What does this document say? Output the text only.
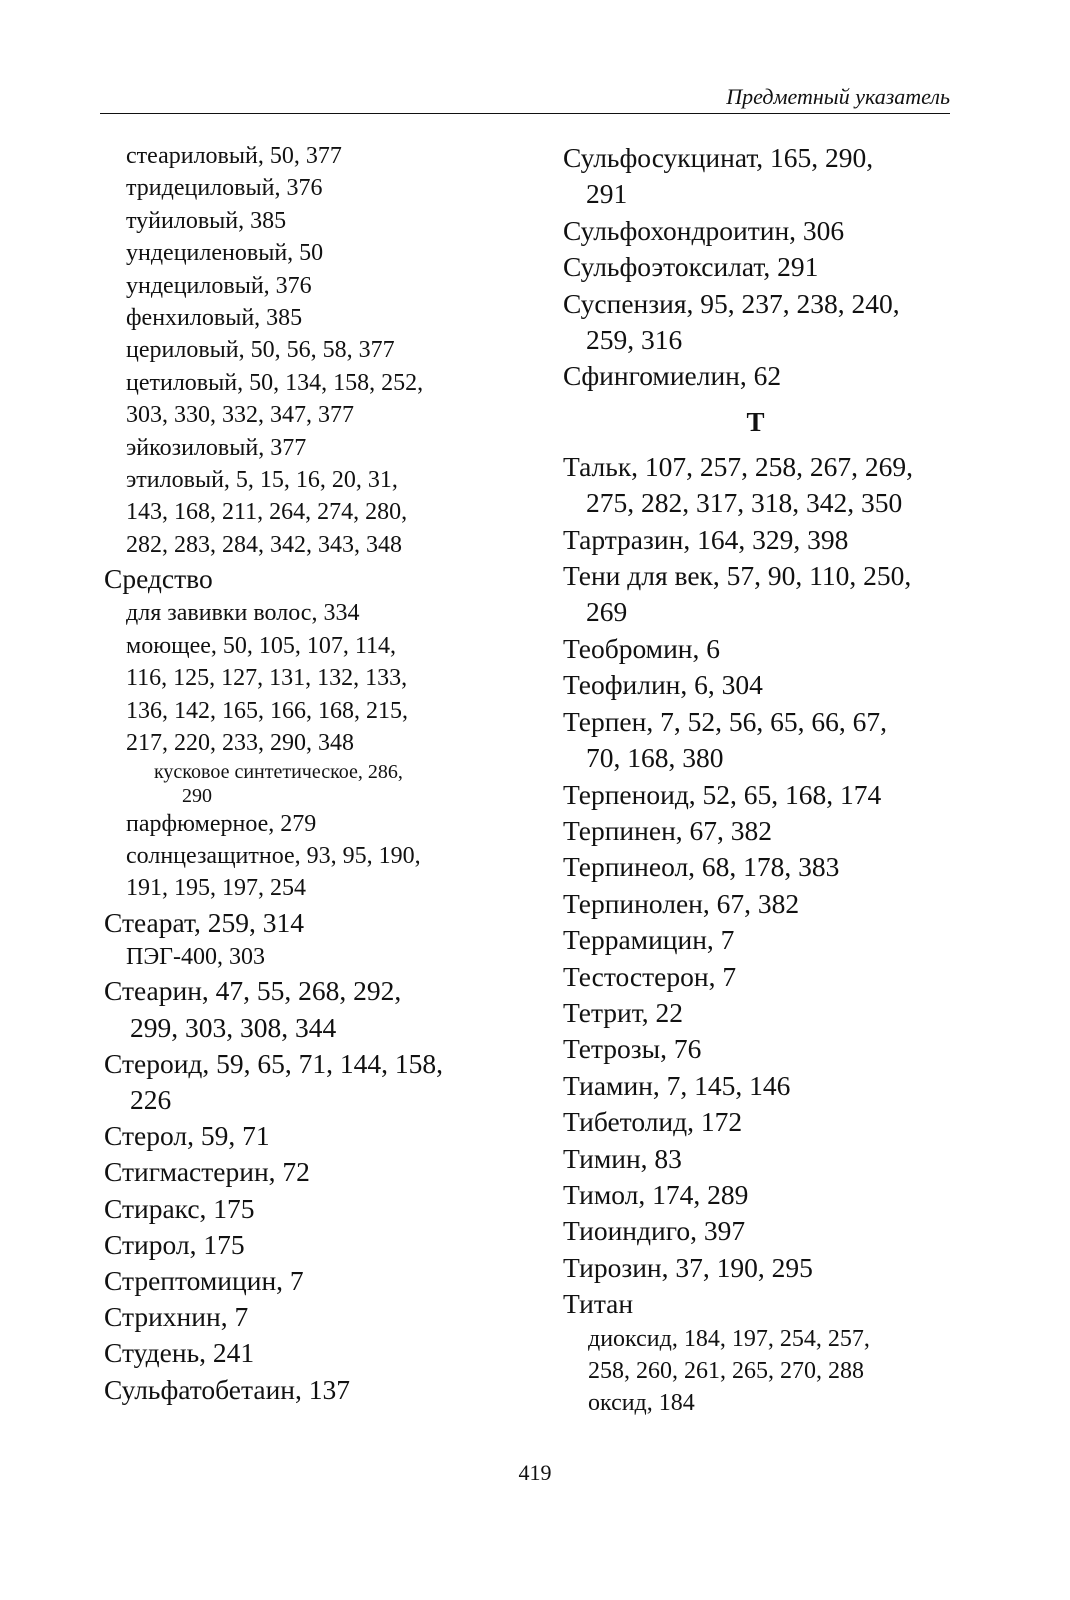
Предметный указатель
стеариловый, 50, 377
тридециловый, 376
туйиловый, 385
ундециленовый, 50
ундециловый, 376
фенхиловый, 385
цериловый, 50, 56, 58, 377
цетиловый, 50, 134, 158, 252,
303, 330, 332, 347, 377
эйкозиловый, 377
этиловый, 5, 15, 16, 20, 31,
143, 168, 211, 264, 274, 280,
282, 283, 284, 342, 343, 348
Средство
для завивки волос, 334
моющее, 50, 105, 107, 114,
116, 125, 127, 131, 132, 133,
136, 142, 165, 166, 168, 215,
217, 220, 233, 290, 348
кусковое синтетическое, 286,
290
парфюмерное, 279
солнцезащитное, 93, 95, 190,
191, 195, 197, 254
Стеарат, 259, 314
ПЭГ-400, 303
Стеарин, 47, 55, 268, 292,
299, 303, 308, 344
Стероид, 59, 65, 71, 144, 158,
226
Стерол, 59, 71
Стигмастерин, 72
Стиракс, 175
Стирол, 175
Стрептомицин, 7
Стрихнин, 7
Студень, 241
Сульфатобетаин, 137
Сульфосукцинат, 165, 290,
291
Сульфохондроитин, 306
Сульфоэтоксилат, 291
Суспензия, 95, 237, 238, 240,
259, 316
Сфингомиелин, 62
Т
Тальк, 107, 257, 258, 267, 269,
275, 282, 317, 318, 342, 350
Тартразин, 164, 329, 398
Тени для век, 57, 90, 110, 250,
269
Теобромин, 6
Теофилин, 6, 304
Терпен, 7, 52, 56, 65, 66, 67,
70, 168, 380
Терпеноид, 52, 65, 168, 174
Терпинен, 67, 382
Терпинеол, 68, 178, 383
Терпинолен, 67, 382
Террамицин, 7
Тестостерон, 7
Тетрит, 22
Тетрозы, 76
Тиамин, 7, 145, 146
Тибетолид, 172
Тимин, 83
Тимол, 174, 289
Тиоиндиго, 397
Тирозин, 37, 190, 295
Титан
диоксид, 184, 197, 254, 257,
258, 260, 261, 265, 270, 288
оксид, 184
419
